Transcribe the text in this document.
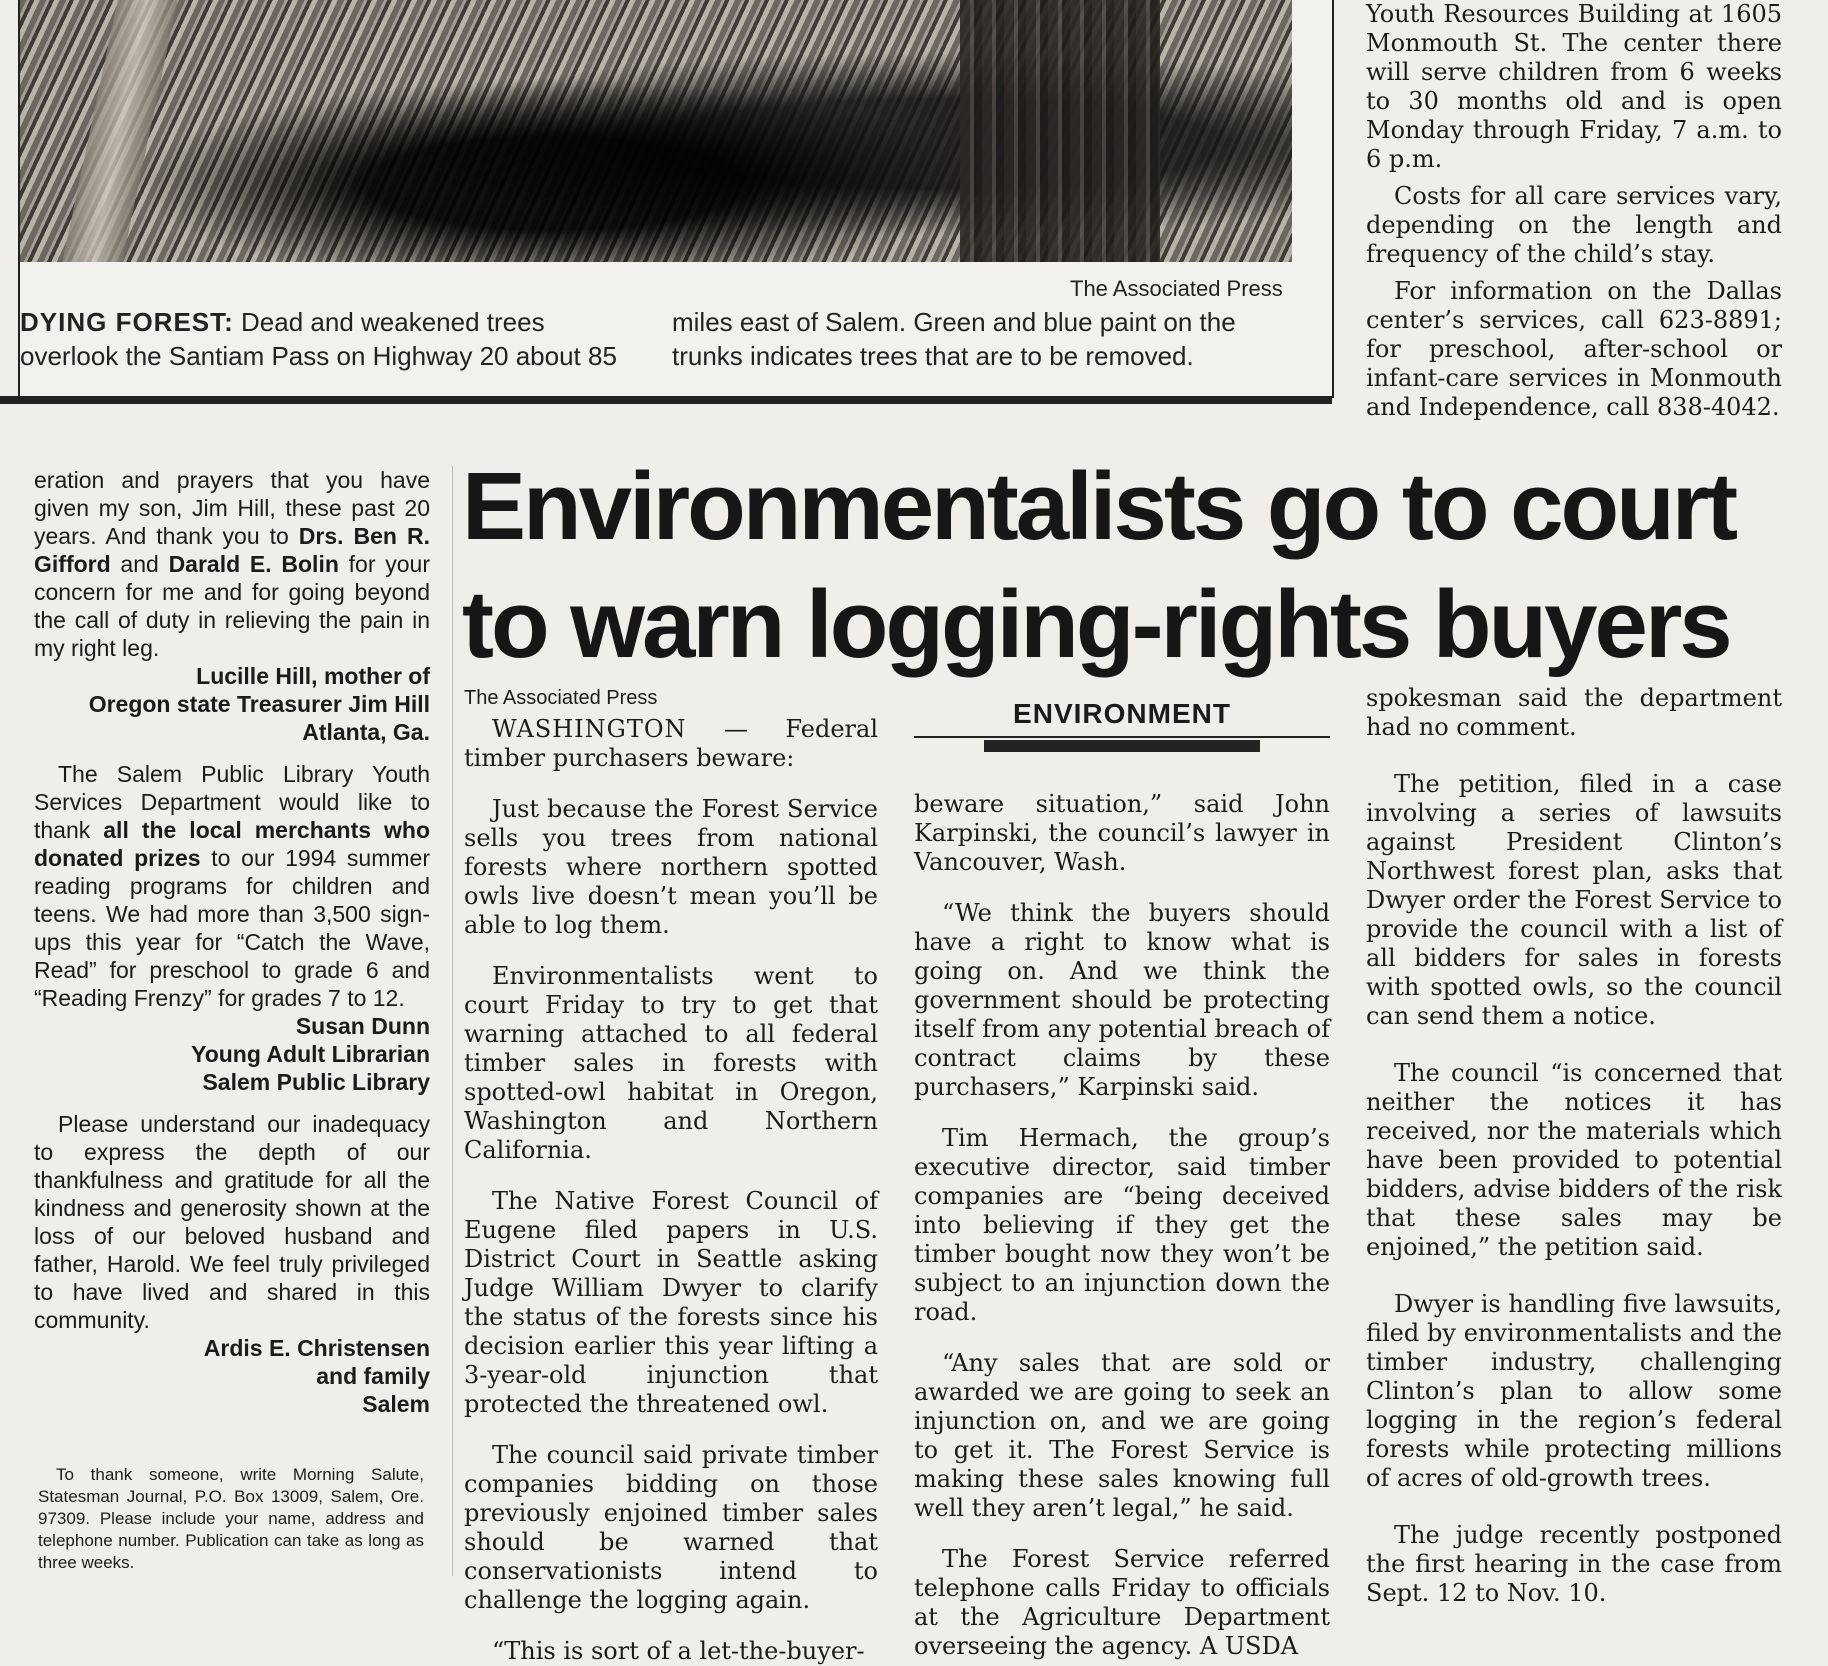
The Associated Press
DYING FOREST: Dead and weakened trees overlook the Santiam Pass on Highway 20 about 85
miles east of Salem. Green and blue paint on the trunks indicates trees that are to be removed.

Youth Resources Building at 1605 Monmouth St. The center there will serve children from 6 weeks to 30 months old and is open Monday through Friday, 7 a.m. to 6 p.m.

Costs for all care services vary, depending on the length and frequency of the child’s stay.

For information on the Dallas center’s services, call 623-8891; for preschool, after-school or infant-care services in Monmouth and Independence, call 838-4042.

eration and prayers that you have given my son, Jim Hill, these past 20 years. And thank you to Drs. Ben R. Gifford and Darald E. Bolin for your concern for me and for going beyond the call of duty in relieving the pain in my right leg.

Lucille Hill, mother of

Oregon state Treasurer Jim Hill

Atlanta, Ga.

The Salem Public Library Youth Services Department would like to thank all the local merchants who donated prizes to our 1994 summer reading programs for children and teens. We had more than 3,500 sign-ups this year for “Catch the Wave, Read” for preschool to grade 6 and “Reading Frenzy” for grades 7 to 12.

Susan Dunn

Young Adult Librarian

Salem Public Library

Please understand our inadequacy to express the depth of our thankfulness and gratitude for all the kindness and generosity shown at the loss of our beloved husband and father, Harold. We feel truly privileged to have lived and shared in this community.

Ardis E. Christensen

and family

Salem

To thank someone, write Morning Salute, Statesman Journal, P.O. Box 13009, Salem, Ore. 97309. Please include your name, address and telephone number. Publication can take as long as three weeks.
Environmentalists go to court
to warn logging-rights buyers
ENVIRONMENT
The Associated Press

WASHINGTON — Federal timber purchasers beware:

Just because the Forest Service sells you trees from national forests where northern spotted owls live doesn’t mean you’ll be able to log them.

Environmentalists went to court Friday to try to get that warning attached to all federal timber sales in forests with spotted-owl habitat in Oregon, Washington and Northern California.

The Native Forest Council of Eugene filed papers in U.S. District Court in Seattle asking Judge William Dwyer to clarify the status of the forests since his decision earlier this year lifting a 3-year-old injunction that protected the threatened owl.

The council said private timber companies bidding on those previously enjoined timber sales should be warned that conservationists intend to challenge the logging again.

“This is sort of a let-the-buyer-

beware situation,” said John Karpinski, the council’s lawyer in Vancouver, Wash.

“We think the buyers should have a right to know what is going on. And we think the government should be protecting itself from any potential breach of contract claims by these purchasers,” Karpinski said.

Tim Hermach, the group’s executive director, said timber companies are “being deceived into believing if they get the timber bought now they won’t be subject to an injunction down the road.

“Any sales that are sold or awarded we are going to seek an injunction on, and we are going to get it. The Forest Service is making these sales knowing full well they aren’t legal,” he said.

The Forest Service referred telephone calls Friday to officials at the Agriculture Department overseeing the agency. A USDA

spokesman said the department had no comment.

The petition, filed in a case involving a series of lawsuits against President Clinton’s Northwest forest plan, asks that Dwyer order the Forest Service to provide the council with a list of all bidders for sales in forests with spotted owls, so the council can send them a notice.

The council “is concerned that neither the notices it has received, nor the materials which have been provided to potential bidders, advise bidders of the risk that these sales may be enjoined,” the petition said.

Dwyer is handling five lawsuits, filed by environmentalists and the timber industry, challenging Clinton’s plan to allow some logging in the region’s federal forests while protecting millions of acres of old-growth trees.

The judge recently postponed the first hearing in the case from Sept. 12 to Nov. 10.
